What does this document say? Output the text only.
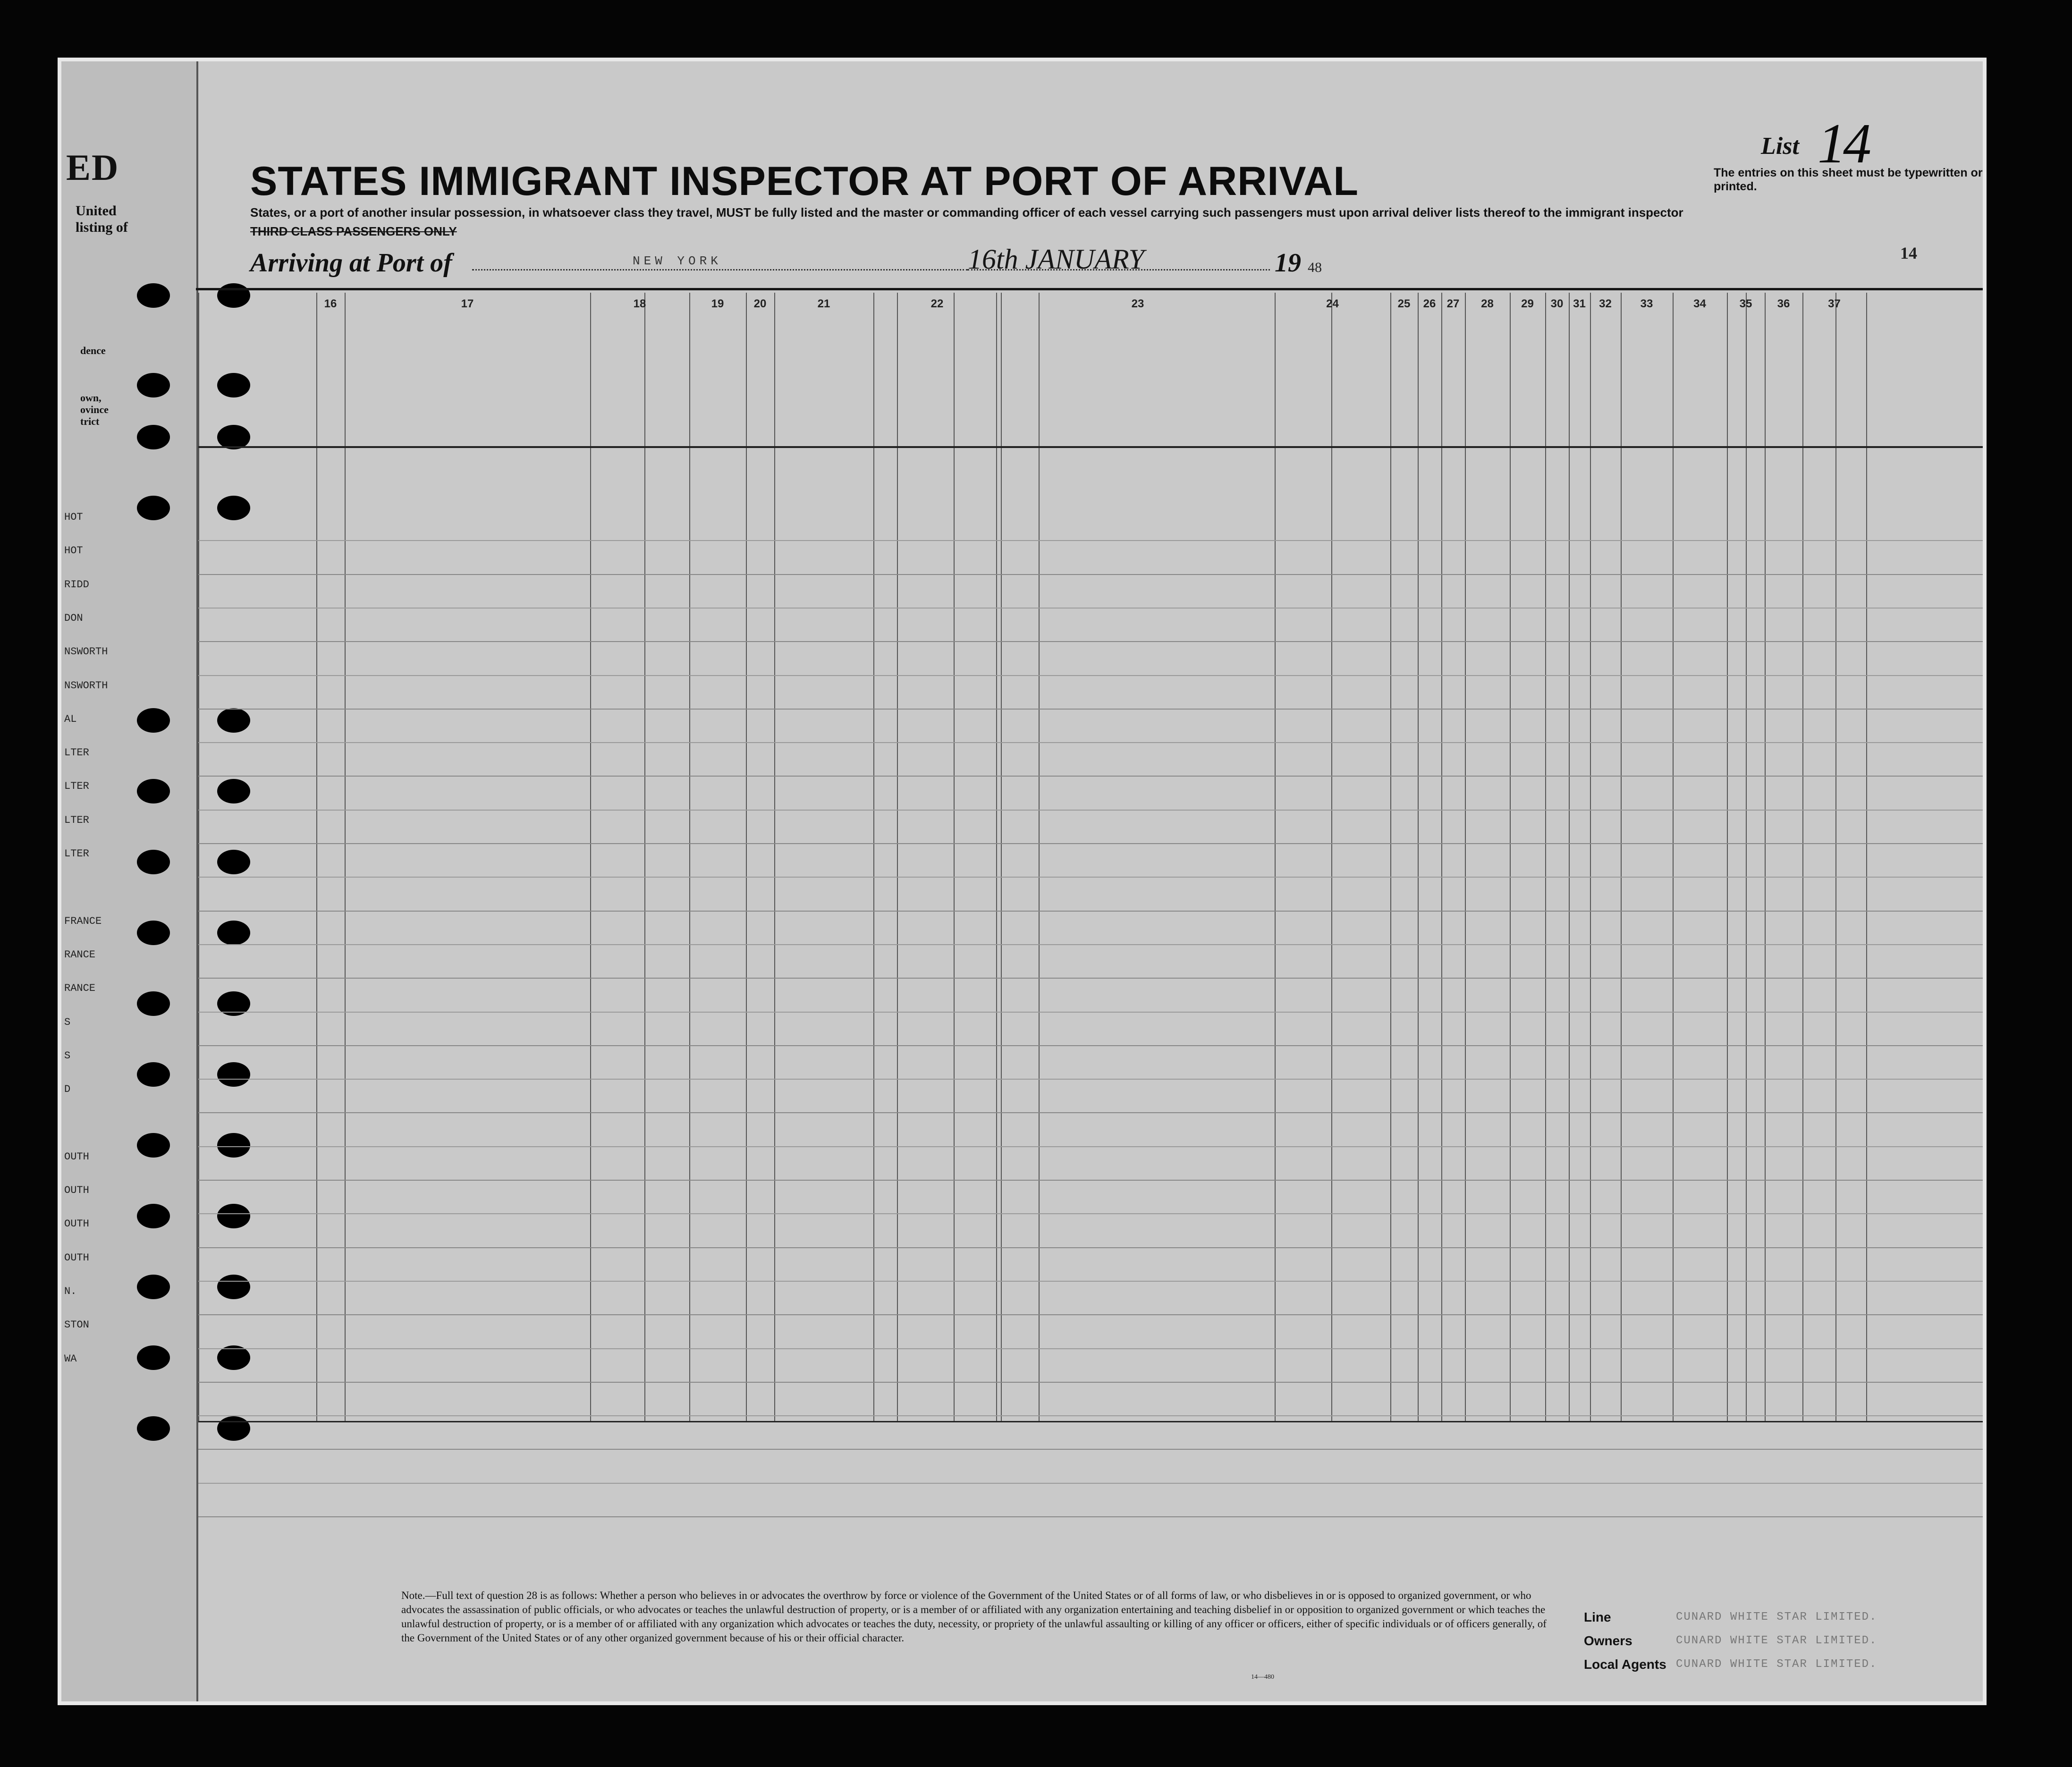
ED
United
listing of
dence
own,
ovince
trict
HOT
HOT
RIDD
DON
NSWORTH
NSWORTH
AL
LTER
LTER
LTER
LTER
FRANCE
RANCE
RANCE
S
S
D
OUTH
OUTH
OUTH
OUTH
N.
STON
WA
List 14
The entries on this sheet must be typewritten or printed.
STATES IMMIGRANT INSPECTOR AT PORT OF ARRIVAL
States, or a port of another insular possession, in whatsoever class they travel, MUST be fully listed and the master or commanding officer of each vessel carrying such passengers must upon arrival deliver lists thereof to the immigrant inspector
THIRD CLASS PASSENGERS ONLY
Arriving at Port of	NEW YORK	16th JANUARY	19 48
14
16	17	18	19	20	21	22	23	24	25	26 27	28	29	30 31	32	33	34	35	36	37
Note.—Full text of question 28 is as follows: Whether a person who believes in or advocates the overthrow by force or violence of the Government of the United States or of all forms of law, or who disbelieves in or is opposed to organized government, or who advocates the assassination of public officials, or who advocates or teaches the unlawful destruction of property, or is a member of or affiliated with any organization entertaining and teaching disbelief in or opposition to organized government or which teaches the unlawful destruction of property, or is a member of or affiliated with any organization which advocates or teaches the duty, necessity, or propriety of the unlawful assaulting or killing of any officer or officers, either of specific individuals or of officers generally, of the Government of the United States or of any other organized government because of his or their official character.
Line	CUNARD WHITE STAR LIMITED.
Owners	CUNARD WHITE STAR LIMITED.
Local Agents CUNARD WHITE STAR LIMITED.
14—480
